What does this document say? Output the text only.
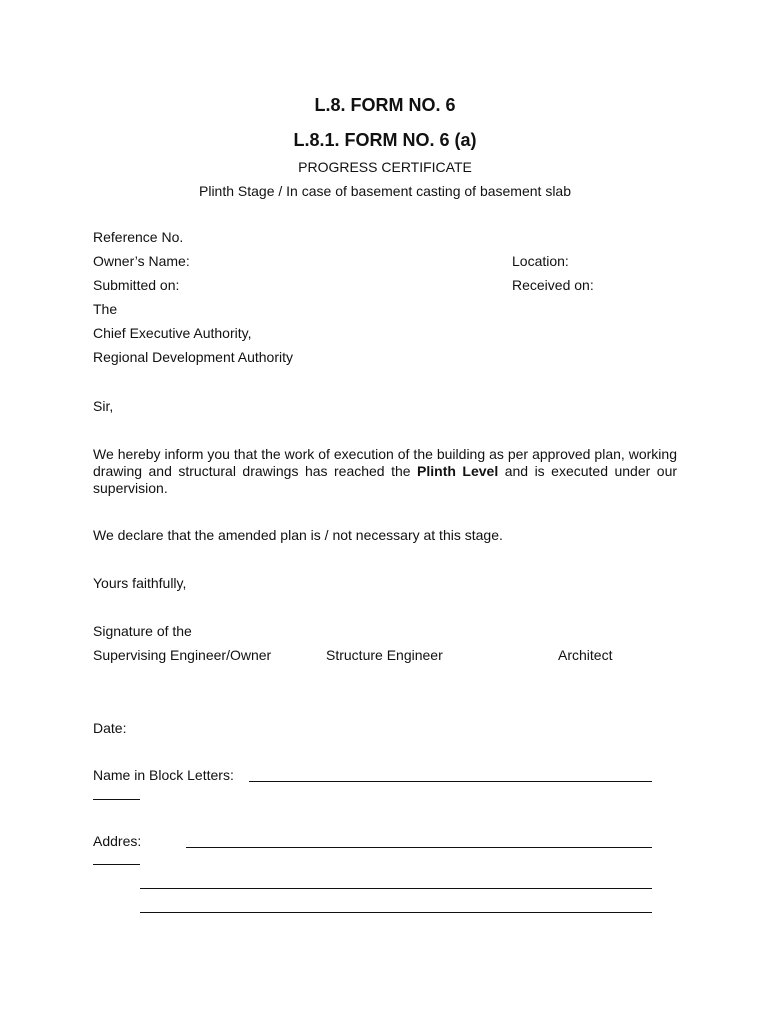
L.8. FORM NO. 6
L.8.1. FORM NO. 6 (a)
PROGRESS CERTIFICATE
Plinth Stage / In case of basement casting of basement slab
Reference No.
Owner’s Name:	Location:
Submitted on:	Received on:
The
Chief Executive Authority,
Regional Development Authority
Sir,
We hereby inform you that the work of execution of the building as per approved plan, working drawing and structural drawings has reached the Plinth Level and is executed under our supervision.
We declare that the amended plan is / not necessary at this stage.
Yours faithfully,
Signature of the
Supervising Engineer/Owner	Structure Engineer	Architect
Date:
Name in Block Letters:
Addres:
